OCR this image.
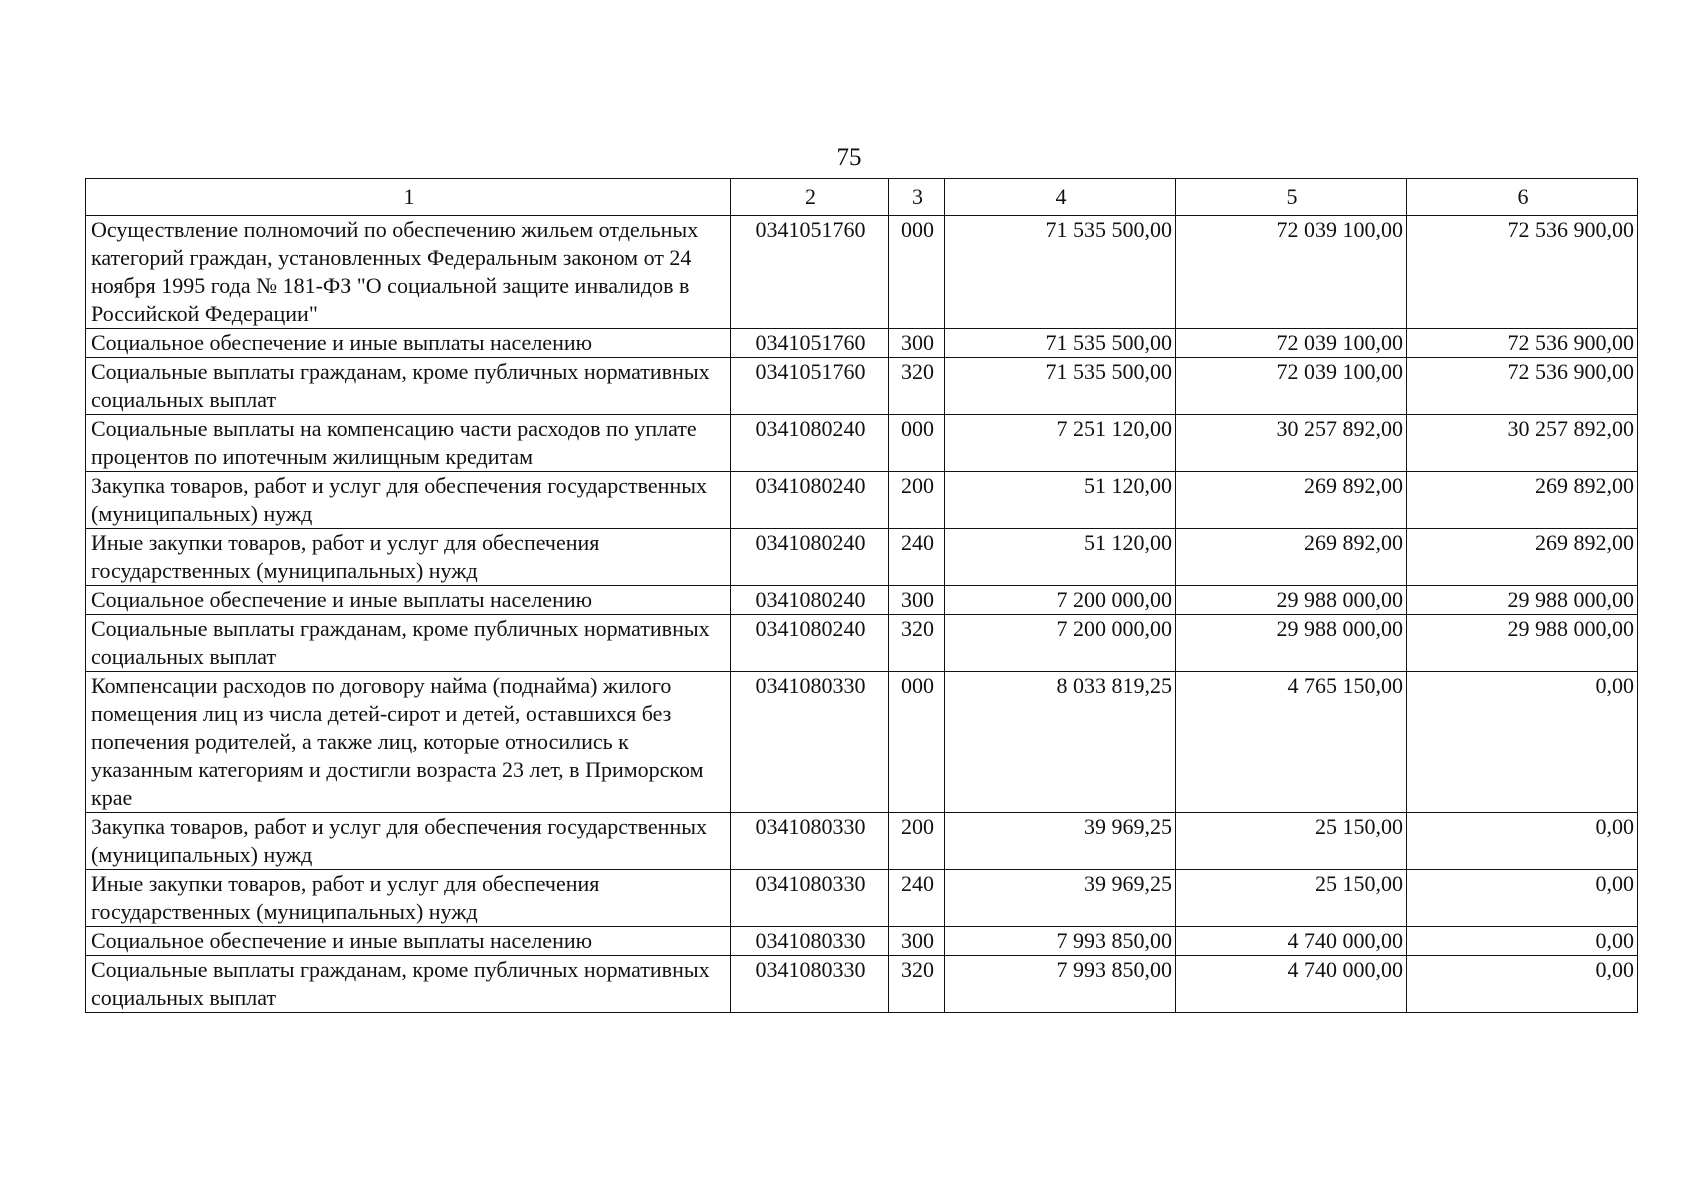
75
1	2	3	4	5	6
Осуществление полномочий по обеспечению жильем отдельных категорий граждан, установленных Федеральным законом от 24 ноября 1995 года № 181-ФЗ "О социальной защите инвалидов в Российской Федерации"	0341051760	000	71 535 500,00	72 039 100,00	72 536 900,00
Социальное обеспечение и иные выплаты населению	0341051760	300	71 535 500,00	72 039 100,00	72 536 900,00
Социальные выплаты гражданам, кроме публичных нормативных социальных выплат	0341051760	320	71 535 500,00	72 039 100,00	72 536 900,00
Социальные выплаты на компенсацию части расходов по уплате процентов по ипотечным жилищным кредитам	0341080240	000	7 251 120,00	30 257 892,00	30 257 892,00
Закупка товаров, работ и услуг для обеспечения государственных (муниципальных) нужд	0341080240	200	51 120,00	269 892,00	269 892,00
Иные закупки товаров, работ и услуг для обеспечения государственных (муниципальных) нужд	0341080240	240	51 120,00	269 892,00	269 892,00
Социальное обеспечение и иные выплаты населению	0341080240	300	7 200 000,00	29 988 000,00	29 988 000,00
Социальные выплаты гражданам, кроме публичных нормативных социальных выплат	0341080240	320	7 200 000,00	29 988 000,00	29 988 000,00
Компенсации расходов по договору найма (поднайма) жилого помещения лиц из числа детей-сирот и детей, оставшихся без попечения родителей, а также лиц, которые относились к указанным категориям и достигли возраста 23 лет, в Приморском крае	0341080330	000	8 033 819,25	4 765 150,00	0,00
Закупка товаров, работ и услуг для обеспечения государственных (муниципальных) нужд	0341080330	200	39 969,25	25 150,00	0,00
Иные закупки товаров, работ и услуг для обеспечения государственных (муниципальных) нужд	0341080330	240	39 969,25	25 150,00	0,00
Социальное обеспечение и иные выплаты населению	0341080330	300	7 993 850,00	4 740 000,00	0,00
Социальные выплаты гражданам, кроме публичных нормативных социальных выплат	0341080330	320	7 993 850,00	4 740 000,00	0,00
